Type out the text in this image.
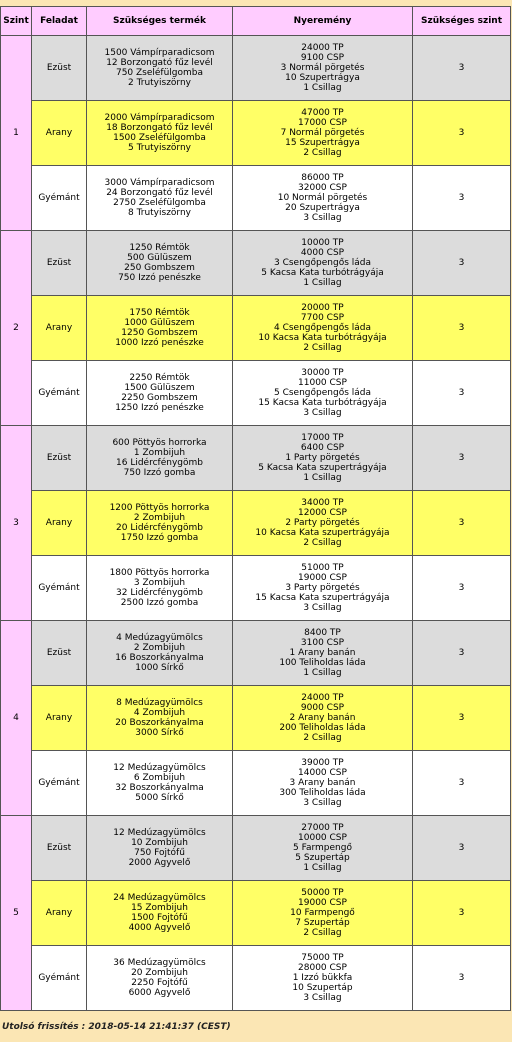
Szint	Feladat	Szükséges termék	Nyeremény	Szükséges szint
1	Ezüst	1500 Vámpírparadicsom
12 Borzongató fűz levél
750 Zseléfülgomba
2 Trutyiszörny	24000 TP
9100 CSP
3 Normál pörgetés
10 Szupertrágya
1 Csillag	3
	Arany	2000 Vámpírparadicsom
18 Borzongató fűz levél
1500 Zseléfülgomba
5 Trutyiszörny	47000 TP
17000 CSP
7 Normál pörgetés
15 Szupertrágya
2 Csillag	3
	Gyémánt	3000 Vámpírparadicsom
24 Borzongató fűz levél
2750 Zseléfülgomba
8 Trutyiszörny	86000 TP
32000 CSP
10 Normál pörgetés
20 Szupertrágya
3 Csillag	3
2	Ezüst	1250 Rémtök
500 Gülüszem
250 Gombszem
750 Izzó penészke	10000 TP
4000 CSP
3 Csengőpengős láda
5 Kacsa Kata turbótrágyája
1 Csillag	3
	Arany	1750 Rémtök
1000 Gülüszem
1250 Gombszem
1000 Izzó penészke	20000 TP
7700 CSP
4 Csengőpengős láda
10 Kacsa Kata turbótrágyája
2 Csillag	3
	Gyémánt	2250 Rémtök
1500 Gülüszem
2250 Gombszem
1250 Izzó penészke	30000 TP
11000 CSP
5 Csengőpengős láda
15 Kacsa Kata turbótrágyája
3 Csillag	3
3	Ezüst	600 Pöttyös horrorka
1 Zombijuh
16 Lidércfénygömb
750 Izzó gomba	17000 TP
6400 CSP
1 Party pörgetés
5 Kacsa Kata szupertrágyája
1 Csillag	3
	Arany	1200 Pöttyös horrorka
2 Zombijuh
20 Lidércfénygömb
1750 Izzó gomba	34000 TP
12000 CSP
2 Party pörgetés
10 Kacsa Kata szupertrágyája
2 Csillag	3
	Gyémánt	1800 Pöttyös horrorka
3 Zombijuh
32 Lidércfénygömb
2500 Izzó gomba	51000 TP
19000 CSP
3 Party pörgetés
15 Kacsa Kata szupertrágyája
3 Csillag	3
4	Ezüst	4 Medúzagyümölcs
2 Zombijuh
16 Boszorkányalma
1000 Sírkő	8400 TP
3100 CSP
1 Arany banán
100 Teliholdas láda
1 Csillag	3
	Arany	8 Medúzagyümölcs
4 Zombijuh
20 Boszorkányalma
3000 Sírkő	24000 TP
9000 CSP
2 Arany banán
200 Teliholdas láda
2 Csillag	3
	Gyémánt	12 Medúzagyümölcs
6 Zombijuh
32 Boszorkányalma
5000 Sírkő	39000 TP
14000 CSP
3 Arany banán
300 Teliholdas láda
3 Csillag	3
5	Ezüst	12 Medúzagyümölcs
10 Zombijuh
750 Fojtófű
2000 Agyvelő	27000 TP
10000 CSP
5 Farmpengő
5 Szupertáp
1 Csillag	3
	Arany	24 Medúzagyümölcs
15 Zombijuh
1500 Fojtófű
4000 Agyvelő	50000 TP
19000 CSP
10 Farmpengő
7 Szupertáp
2 Csillag	3
	Gyémánt	36 Medúzagyümölcs
20 Zombijuh
2250 Fojtófű
6000 Agyvelő	75000 TP
28000 CSP
1 Izzó bükkfa
10 Szupertáp
3 Csillag	3
Utolsó frissítés : 2018-05-14 21:41:37 (CEST)
